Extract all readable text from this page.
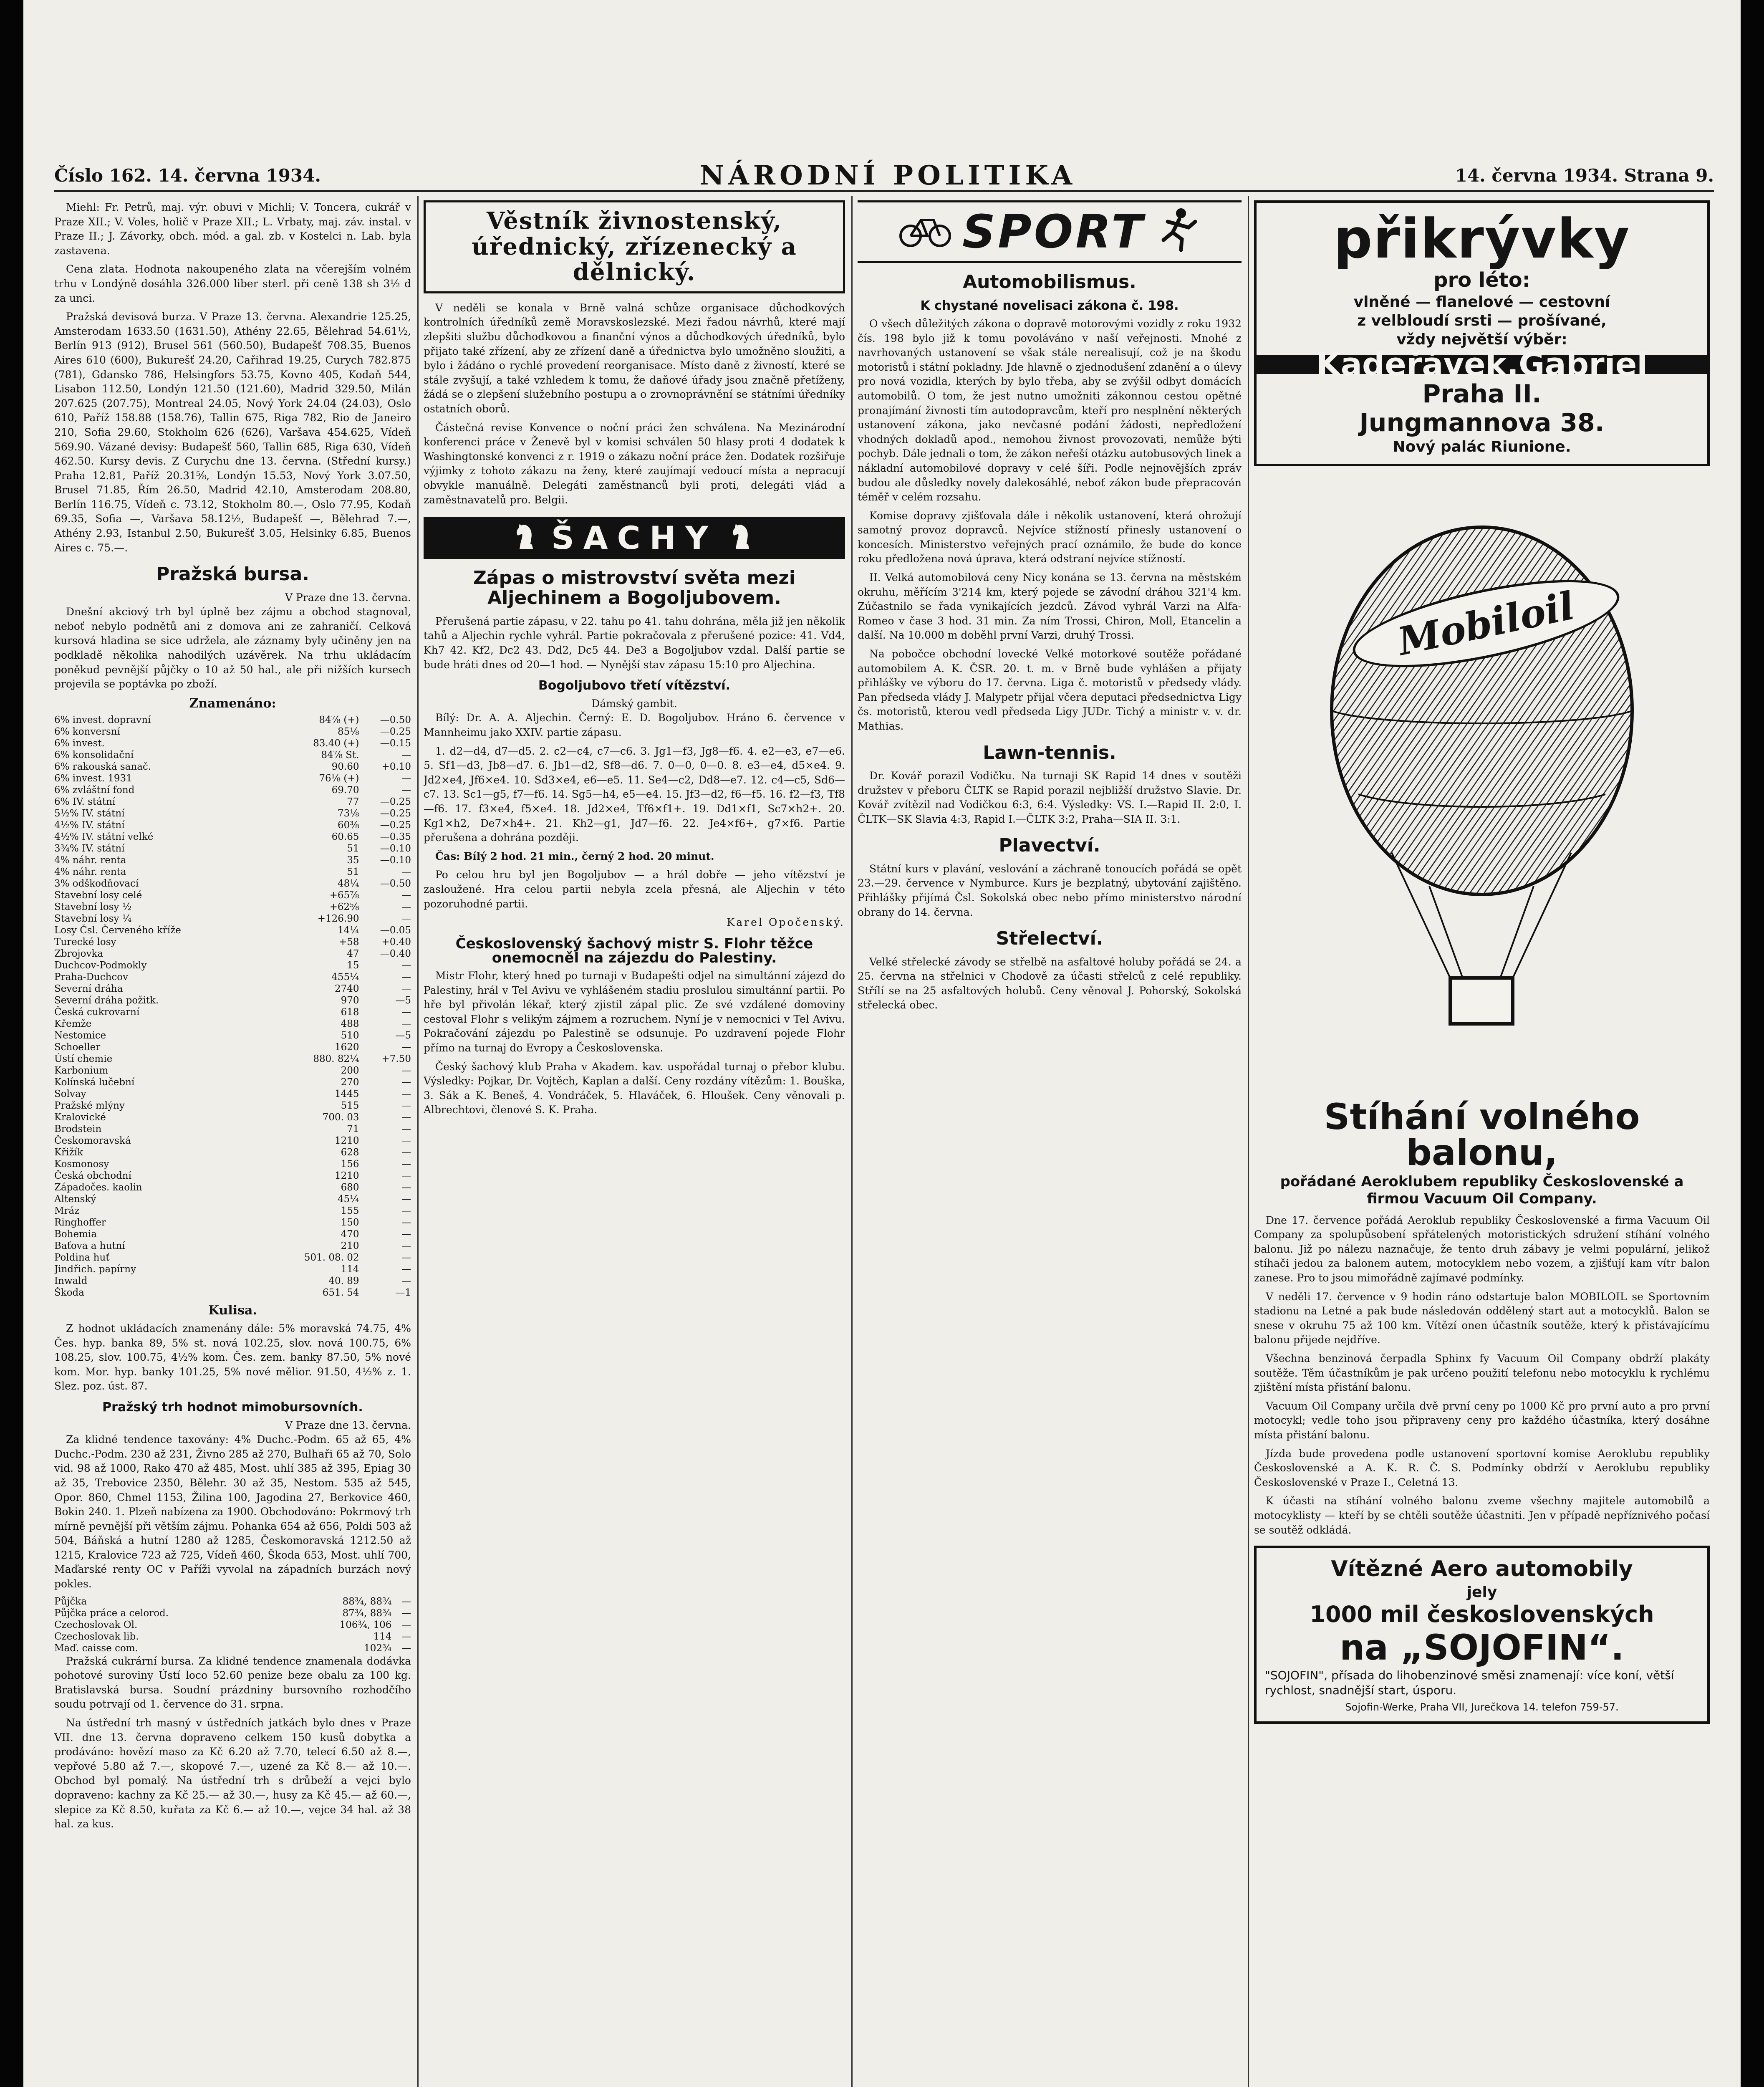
Číslo 162. 14. června 1934.	NÁRODNÍ POLITIKA	14. června 1934. Strana 9.

Miehl: Fr. Petrů, maj. výr. obuvi v Michli; V. Toncera, cukrář v Praze XII.; V. Voles, holič v Praze XII.; L. Vrbaty, maj. záv. instal. v Praze II.; J. Závorky, obch. mód. a gal. zb. v Kostelci n. Lab. byla zastavena.

Cena zlata. Hodnota nakoupeného zlata na včerejším volném trhu v Londýně dosáhla 326.000 liber sterl. při ceně 138 sh 3½ d za unci.

Pražská devisová burza. V Praze 13. června. Alexandrie 125.25, Amsterodam 1633.50 (1631.50), Athény 22.65, Bělehrad 54.61½, Berlín 913 (912), Brusel 561 (560.50), Budapešť 708.35, Buenos Aires 610 (600), Bukurešť 24.20, Cařihrad 19.25, Curych 782.875 (781), Gdansko 786, Helsingfors 53.75, Kovno 405, Kodaň 544, Lisabon 112.50, Londýn 121.50 (121.60), Madrid 329.50, Milán 207.625 (207.75), Montreal 24.05, Nový York 24.04 (24.03), Oslo 610, Paříž 158.88 (158.76), Tallin 675, Riga 782, Rio de Janeiro 210, Sofia 29.60, Stokholm 626 (626), Varšava 454.625, Vídeň 569.90. Vázané devisy: Budapešť 560, Tallin 685, Riga 630, Vídeň 462.50. Kursy devis. Z Curychu dne 13. června. (Střední kursy.) Praha 12.81, Paříž 20.31⅝, Londýn 15.53, Nový York 3.07.50, Brusel 71.85, Řím 26.50, Madrid 42.10, Amsterodam 208.80, Berlín 116.75, Vídeň c. 73.12, Stokholm 80.—, Oslo 77.95, Kodaň 69.35, Sofia —, Varšava 58.12½, Budapešť —, Bělehrad 7.—, Athény 2.93, Istanbul 2.50, Bukurešť 3.05, Helsinky 6.85, Buenos Aires c. 75.—.

Pražská bursa.
V Praze dne 13. června.

Dnešní akciový trh byl úplně bez zájmu a obchod stagnoval, neboť nebylo podnětů ani z domova ani ze zahraničí. Celková kursová hladina se sice udržela, ale záznamy byly učiněny jen na podkladě několika nahodilých uzávěrek. Na trhu ukládacím poněkud pevnější půjčky o 10 až 50 hal., ale při nižších kursech projevila se poptávka po zboží.

Znamenáno:
6% invest. dopravní	84⅞ (+)	—0.50
6% konversní	85⅛	—0.25
6% invest.	83.40 (+)	—0.15
6% konsolidační	84⅞ St.	—
6% rakouská sanač.	90.60	+0.10
6% invest. 1931	76⅛ (+)	—
6% zvláštní fond	69.70	—
6% IV. státní	77	—0.25
5½% IV. státní	73⅛	—0.25
4½% IV. státní	60⅜	—0.25
4½% IV. státní velké	60.65	—0.35
3¾% IV. státní	51	—0.10
4% náhr. renta	35	—0.10
4% náhr. renta	51	—
3% odškodňovací	48¼	—0.50
Stavební losy celé	+65⅞	—
Stavební losy ½	+62⅝	—
Stavební losy ¼	+126.90	—
Losy Čsl. Červeného kříže	14¼	—0.05
Turecké losy	+58	+0.40
Zbrojovka	47	—0.40
Duchcov-Podmokly	15	—
Praha-Duchcov	455¼	—
Severní dráha	2740	—
Severní dráha požitk.	970	—5
Česká cukrovarní	618	—
Křemže	488	—
Nestomice	510	—5
Schoeller	1620	—
Ústí chemie	880. 82¼	+7.50
Karbonium	200	—
Kolínská lučební	270	—
Solvay	1445	—
Pražské mlýny	515	—
Kralovické	700. 03	—
Brodstein	71	—
Českomoravská	1210	—
Křižík	628	—
Kosmonosy	156	—
Česká obchodní	1210	—
Západočes. kaolin	680	—
Altenský	45¼	—
Mráz	155	—
Ringhoffer	150	—
Bohemia	470	—
Baťova a hutní	210	—
Poldina huť	501. 08. 02	—
Jindřich. papírny	114	—
Inwald	40. 89	—
Škoda	651. 54	—1
Kulisa.

Z hodnot ukládacích znamenány dále: 5% moravská 74.75, 4% Čes. hyp. banka 89, 5% st. nová 102.25, slov. nová 100.75, 6% 108.25, slov. 100.75, 4½% kom. Čes. zem. banky 87.50, 5% nové kom. Mor. hyp. banky 101.25, 5% nové mělior. 91.50, 4½% z. 1. Slez. poz. úst. 87.

Pražský trh hodnot mimobursovních.
V Praze dne 13. června.

Za klidné tendence taxovány: 4% Duchc.-Podm. 65 až 65, 4% Duchc.-Podm. 230 až 231, Živno 285 až 270, Bulhaři 65 až 70, Solo vid. 98 až 1000, Rako 470 až 485, Most. uhlí 385 až 395, Epiag 30 až 35, Trebovice 2350, Bělehr. 30 až 35, Nestom. 535 až 545, Opor. 860, Chmel 1153, Žilina 100, Jagodina 27, Berkovice 460, Bokin 240. 1. Plzeň nabízena za 1900. Obchodováno: Pokrmový trh mírně pevnější při větším zájmu. Pohanka 654 až 656, Poldi 503 až 504, Báňská a hutní 1280 až 1285, Českomoravská 1212.50 až 1215, Kralovice 723 až 725, Vídeň 460, Škoda 653, Most. uhlí 700, Maďarské renty OC v Paříži vyvolal na západních burzách nový pokles.

Půjčka	88¾, 88¾	—
Půjčka práce a celorod.	87¾, 88¾	—
Czechoslovak Ol.	106¾, 106	—
Czechoslovak lib.	114	—
Maď. caisse com.	102¾	—

Pražská cukrární bursa. Za klidné tendence znamenala dodávka pohotové suroviny Ústí loco 52.60 penize beze obalu za 100 kg. Bratislavská bursa. Soudní prázdniny bursovního rozhodčího soudu potrvají od 1. července do 31. srpna.

Na ústřední trh masný v ústředních jatkách bylo dnes v Praze VII. dne 13. června dopraveno celkem 150 kusů dobytka a prodáváno: hovězí maso za Kč 6.20 až 7.70, telecí 6.50 až 8.—, vepřové 5.80 až 7.—, skopové 7.—, uzené za Kč 8.— až 10.—. Obchod byl pomalý. Na ústřední trh s drůbeží a vejci bylo dopraveno: kachny za Kč 25.— až 30.—, husy za Kč 45.— až 60.—, slepice za Kč 8.50, kuřata za Kč 6.— až 10.—, vejce 34 hal. až 38 hal. za kus.

Věstník živnostenský, úřednický, zřízenecký a dělnický.

V neděli se konala v Brně valná schůze organisace důchodkových kontrolních úředníků země Moravskoslezské. Mezi řadou návrhů, které mají zlepšiti službu důchodkovou a finanční výnos a důchodkových úředníků, bylo přijato také zřízení, aby ze zřízení daně a úřednictva bylo umožněno sloužiti, a bylo i žádáno o rychlé provedení reorganisace. Místo daně z živností, které se stále zvyšují, a také vzhledem k tomu, že daňové úřady jsou značně přetíženy, žádá se o zlepšení služebního postupu a o zrovnoprávnění se státními úředníky ostatních oborů.

Částečná revise Konvence o noční práci žen schválena. Na Mezinárodní konferenci práce v Ženevě byl v komisi schválen 50 hlasy proti 4 dodatek k Washingtonské konvenci z r. 1919 o zákazu noční práce žen. Dodatek rozšiřuje výjimky z tohoto zákazu na ženy, které zaujímají vedoucí místa a nepracují obvykle manuálně. Delegáti zaměstnanců byli proti, delegáti vlád a zaměstnavatelů pro. Belgii.

ŠACHY
Zápas o mistrovství světa mezi Aljechinem a Bogoljubovem.

Přerušená partie zápasu, v 22. tahu po 41. tahu dohrána, měla již jen několik tahů a Aljechin rychle vyhrál. Partie pokračovala z přerušené pozice: 41. Vd4, Kh7 42. Kf2, Dc2 43. Dd2, Dc5 44. De3 a Bogoljubov vzdal. Další partie se bude hráti dnes od 20—1 hod. — Nynější stav zápasu 15:10 pro Aljechina.

Bogoljubovo třetí vítězství.
Dámský gambit.

Bílý: Dr. A. A. Aljechin. Černý: E. D. Bogoljubov. Hráno 6. července v Mannheimu jako XXIV. partie zápasu.

1. d2—d4, d7—d5. 2. c2—c4, c7—c6. 3. Jg1—f3, Jg8—f6. 4. e2—e3, e7—e6. 5. Sf1—d3, Jb8—d7. 6. Jb1—d2, Sf8—d6. 7. 0—0, 0—0. 8. e3—e4, d5×e4. 9. Jd2×e4, Jf6×e4. 10. Sd3×e4, e6—e5. 11. Se4—c2, Dd8—e7. 12. c4—c5, Sd6—c7. 13. Sc1—g5, f7—f6. 14. Sg5—h4, e5—e4. 15. Jf3—d2, f6—f5. 16. f2—f3, Tf8—f6. 17. f3×e4, f5×e4. 18. Jd2×e4, Tf6×f1+. 19. Dd1×f1, Sc7×h2+. 20. Kg1×h2, De7×h4+. 21. Kh2—g1, Jd7—f6. 22. Je4×f6+, g7×f6. Partie přerušena a dohrána později.

Čas: Bílý 2 hod. 21 min., černý 2 hod. 20 minut.

Po celou hru byl jen Bogoljubov — a hrál dobře — jeho vítězství je zasloužené. Hra celou partii nebyla zcela přesná, ale Aljechin v této pozoruhodné partii.

Karel Opočenský.
Československý šachový mistr S. Flohr těžce onemocněl na zájezdu do Palestiny.

Mistr Flohr, který hned po turnaji v Budapešti odjel na simultánní zájezd do Palestiny, hrál v Tel Avivu ve vyhlášeném stadiu proslulou simultánní partii. Po hře byl přivolán lékař, který zjistil zápal plic. Ze své vzdálené domoviny cestoval Flohr s velikým zájmem a rozruchem. Nyní je v nemocnici v Tel Avivu. Pokračování zájezdu po Palestině se odsunuje. Po uzdravení pojede Flohr přímo na turnaj do Evropy a Československa.

Český šachový klub Praha v Akadem. kav. uspořádal turnaj o přebor klubu. Výsledky: Pojkar, Dr. Vojtěch, Kaplan a další. Ceny rozdány vítězům: 1. Bouška, 3. Sák a K. Beneš, 4. Vondráček, 5. Hlaváček, 6. Hloušek. Ceny věnovali p. Albrechtovi, členové S. K. Praha.

SPORT
Automobilismus.
K chystané novelisaci zákona č. 198.

O všech důležitých zákona o dopravě motorovými vozidly z roku 1932 čís. 198 bylo již k tomu povoláváno v naší veřejnosti. Mnohé z navrhovaných ustanovení se však stále nerealisují, což je na škodu motoristů i státní pokladny. Jde hlavně o zjednodušení zdanění a o úlevy pro nová vozidla, kterých by bylo třeba, aby se zvýšil odbyt domácích automobilů. O tom, že jest nutno umožniti zákonnou cestou opětné pronajímání živnosti tím autodopravcům, kteří pro nesplnění některých ustanovení zákona, jako nevčasné podání žádosti, nepředložení vhodných dokladů apod., nemohou živnost provozovati, nemůže býti pochyb. Dále jednali o tom, že zákon neřeší otázku autobusových linek a nákladní automobilové dopravy v celé šíři. Podle nejnovějších zpráv budou ale důsledky novely dalekosáhlé, neboť zákon bude přepracován téměř v celém rozsahu.

Komise dopravy zjišťovala dále i několik ustanovení, která ohrožují samotný provoz dopravců. Nejvíce stížností přinesly ustanovení o koncesích. Ministerstvo veřejných prací oznámilo, že bude do konce roku předložena nová úprava, která odstraní nejvíce stížností.

II. Velká automobilová ceny Nicy konána se 13. června na městském okruhu, měřícím 3'214 km, který pojede se závodní dráhou 321'4 km. Zúčastnilo se řada vynikajících jezdců. Závod vyhrál Varzi na Alfa-Romeo v čase 3 hod. 31 min. Za ním Trossi, Chiron, Moll, Etancelin a další. Na 10.000 m doběhl první Varzi, druhý Trossi.

Na pobočce obchodní lovecké Velké motorkové soutěže pořádané automobilem A. K. ČSR. 20. t. m. v Brně bude vyhlášen a přijaty přihlášky ve výboru do 17. června. Liga č. motoristů v předsedy vlády. Pan předseda vlády J. Malypetr přijal včera deputaci předsednictva Ligy čs. motoristů, kterou vedl předseda Ligy JUDr. Tichý a ministr v. v. dr. Mathias.

Lawn-tennis.

Dr. Kovář porazil Vodičku. Na turnaji SK Rapid 14 dnes v soutěži družstev v přeboru ČLTK se Rapid porazil nejbližší družstvo Slavie. Dr. Kovář zvítězil nad Vodičkou 6:3, 6:4. Výsledky: VS. I.—Rapid II. 2:0, I. ČLTK—SK Slavia 4:3, Rapid I.—ČLTK 3:2, Praha—SIA II. 3:1.

Plavectví.

Státní kurs v plavání, veslování a záchraně tonoucích pořádá se opět 23.—29. července v Nymburce. Kurs je bezplatný, ubytování zajištěno. Přihlášky přijímá Čsl. Sokolská obec nebo přímo ministerstvo národní obrany do 14. června.

Střelectví.

Velké střelecké závody se střelbě na asfaltové holuby pořádá se 24. a 25. června na střelnici v Chodově za účasti střelců z celé republiky. Střílí se na 25 asfaltových holubů. Ceny věnoval J. Pohorský, Sokolská střelecká obec.

přikrývky
pro léto:
vlněné — flanelové — cestovní
z velbloudí srsti — prošívané,
vždy největší výběr:
Kadeřávek.Gabriel
Praha II.
Jungmannova 38.
Nový palác Riunione.
Mobiloil
Stíhání volného balonu,
pořádané Aeroklubem republiky Československé a firmou Vacuum Oil Company.

Dne 17. července pořádá Aeroklub republiky Československé a firma Vacuum Oil Company za spolupůsobení spřátelených motoristických sdružení stíhání volného balonu. Již po nálezu naznačuje, že tento druh zábavy je velmi populární, jelikož stíhači jedou za balonem autem, motocyklem nebo vozem, a zjišťují kam vítr balon zanese. Pro to jsou mimořádně zajímavé podmínky.

V neděli 17. července v 9 hodin ráno odstartuje balon MOBILOIL se Sportovním stadionu na Letné a pak bude následován oddělený start aut a motocyklů. Balon se snese v okruhu 75 až 100 km. Vítězí onen účastník soutěže, který k přistávajícímu balonu přijede nejdříve.

Všechna benzinová čerpadla Sphinx fy Vacuum Oil Company obdrží plakáty soutěže. Těm účastníkům je pak určeno použití telefonu nebo motocyklu k rychlému zjištění místa přistání balonu.

Vacuum Oil Company určila dvě první ceny po 1000 Kč pro první auto a pro první motocykl; vedle toho jsou připraveny ceny pro každého účastníka, který dosáhne místa přistání balonu.

Jízda bude provedena podle ustanovení sportovní komise Aeroklubu republiky Československé a A. K. R. Č. S. Podmínky obdrží v Aeroklubu republiky Československé v Praze I., Celetná 13.

K účasti na stíhání volného balonu zveme všechny majitele automobilů a motocyklisty — kteří by se chtěli soutěže účastniti. Jen v případě nepříznivého počasí se soutěž odkládá.

Vítězné Aero automobily
jely
1000 mil československých
na „SOJOFIN“.
"SOJOFIN", přísada do lihobenzinové směsi znamenají: více koní, větší rychlost, snadnější start, úsporu.
Sojofin-Werke, Praha VII, Jurečkova 14. telefon 759-57.
